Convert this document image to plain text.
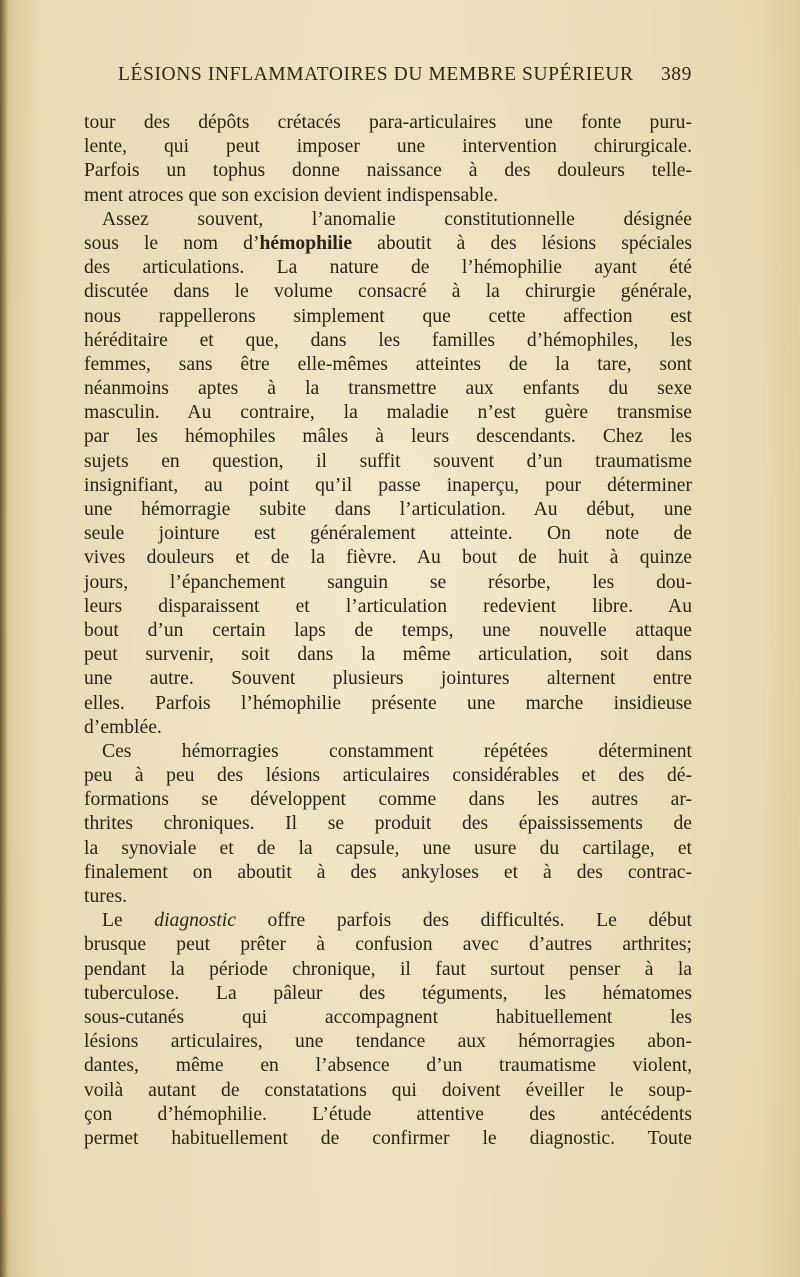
LÉSIONS INFLAMMATOIRES DU MEMBRE SUPÉRIEUR 389
tour des dépôts crétacés para-articulaires une fonte puru-
lente, qui peut imposer une intervention chirurgicale.
Parfois un tophus donne naissance à des douleurs telle-
ment atroces que son excision devient indispensable.
Assez souvent, l’anomalie constitutionnelle désignée
sous le nom d’hémophilie aboutit à des lésions spéciales
des articulations. La nature de l’hémophilie ayant été
discutée dans le volume consacré à la chirurgie générale,
nous rappellerons simplement que cette affection est
héréditaire et que, dans les familles d’hémophiles, les
femmes, sans être elle-mêmes atteintes de la tare, sont
néanmoins aptes à la transmettre aux enfants du sexe
masculin. Au contraire, la maladie n’est guère transmise
par les hémophiles mâles à leurs descendants. Chez les
sujets en question, il suffit souvent d’un traumatisme
insignifiant, au point qu’il passe inaperçu, pour déterminer
une hémorragie subite dans l’articulation. Au début, une
seule jointure est généralement atteinte. On note de
vives douleurs et de la fièvre. Au bout de huit à quinze
jours, l’épanchement sanguin se résorbe, les dou-
leurs disparaissent et l’articulation redevient libre. Au
bout d’un certain laps de temps, une nouvelle attaque
peut survenir, soit dans la même articulation, soit dans
une autre. Souvent plusieurs jointures alternent entre
elles. Parfois l’hémophilie présente une marche insidieuse
d’emblée.
Ces hémorragies constamment répétées déterminent
peu à peu des lésions articulaires considérables et des dé-
formations se développent comme dans les autres ar-
thrites chroniques. Il se produit des épaississements de
la synoviale et de la capsule, une usure du cartilage, et
finalement on aboutit à des ankyloses et à des contrac-
tures.
Le diagnostic offre parfois des difficultés. Le début
brusque peut prêter à confusion avec d’autres arthrites;
pendant la période chronique, il faut surtout penser à la
tuberculose. La pâleur des téguments, les hématomes
sous-cutanés qui accompagnent habituellement les
lésions articulaires, une tendance aux hémorragies abon-
dantes, même en l’absence d’un traumatisme violent,
voilà autant de constatations qui doivent éveiller le soup-
çon d’hémophilie. L’étude attentive des antécédents
permet habituellement de confirmer le diagnostic. Toute
